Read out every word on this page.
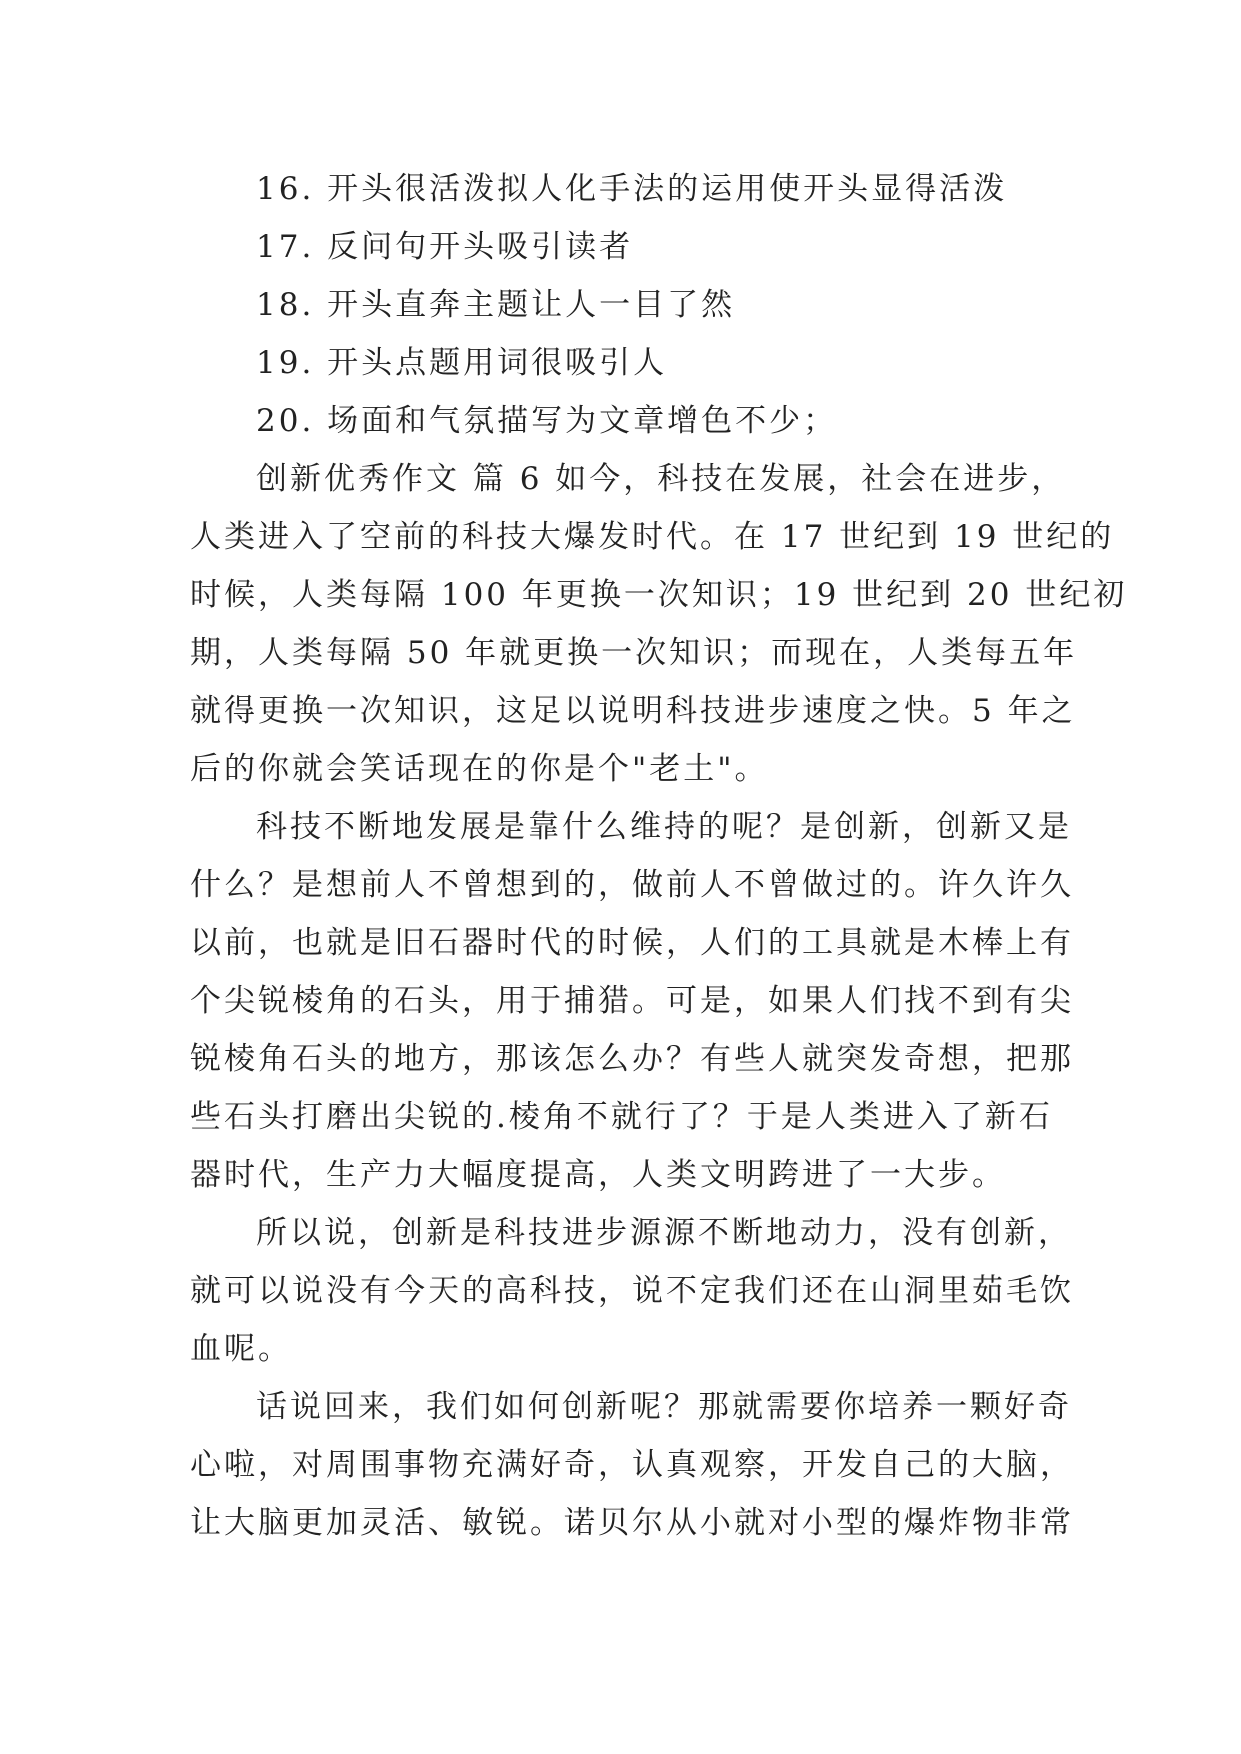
16. 开头很活泼拟人化手法的运用使开头显得活泼
17. 反问句开头吸引读者
18. 开头直奔主题让人一目了然
19. 开头点题用词很吸引人
20. 场面和气氛描写为文章增色不少；
创新优秀作文 篇 6 如今，科技在发展，社会在进步，
人类进入了空前的科技大爆发时代。在 17 世纪到 19 世纪的
时候，人类每隔 100 年更换一次知识；19 世纪到 20 世纪初
期，人类每隔 50 年就更换一次知识；而现在，人类每五年
就得更换一次知识，这足以说明科技进步速度之快。5 年之
后的你就会笑话现在的你是个"老土"。
科技不断地发展是靠什么维持的呢？是创新，创新又是
什么？是想前人不曾想到的，做前人不曾做过的。许久许久
以前，也就是旧石器时代的时候，人们的工具就是木棒上有
个尖锐棱角的石头，用于捕猎。可是，如果人们找不到有尖
锐棱角石头的地方，那该怎么办？有些人就突发奇想，把那
些石头打磨出尖锐的.棱角不就行了？于是人类进入了新石
器时代，生产力大幅度提高，人类文明跨进了一大步。
所以说，创新是科技进步源源不断地动力，没有创新，
就可以说没有今天的高科技，说不定我们还在山洞里茹毛饮
血呢。
话说回来，我们如何创新呢？那就需要你培养一颗好奇
心啦，对周围事物充满好奇，认真观察，开发自己的大脑，
让大脑更加灵活、敏锐。诺贝尔从小就对小型的爆炸物非常
